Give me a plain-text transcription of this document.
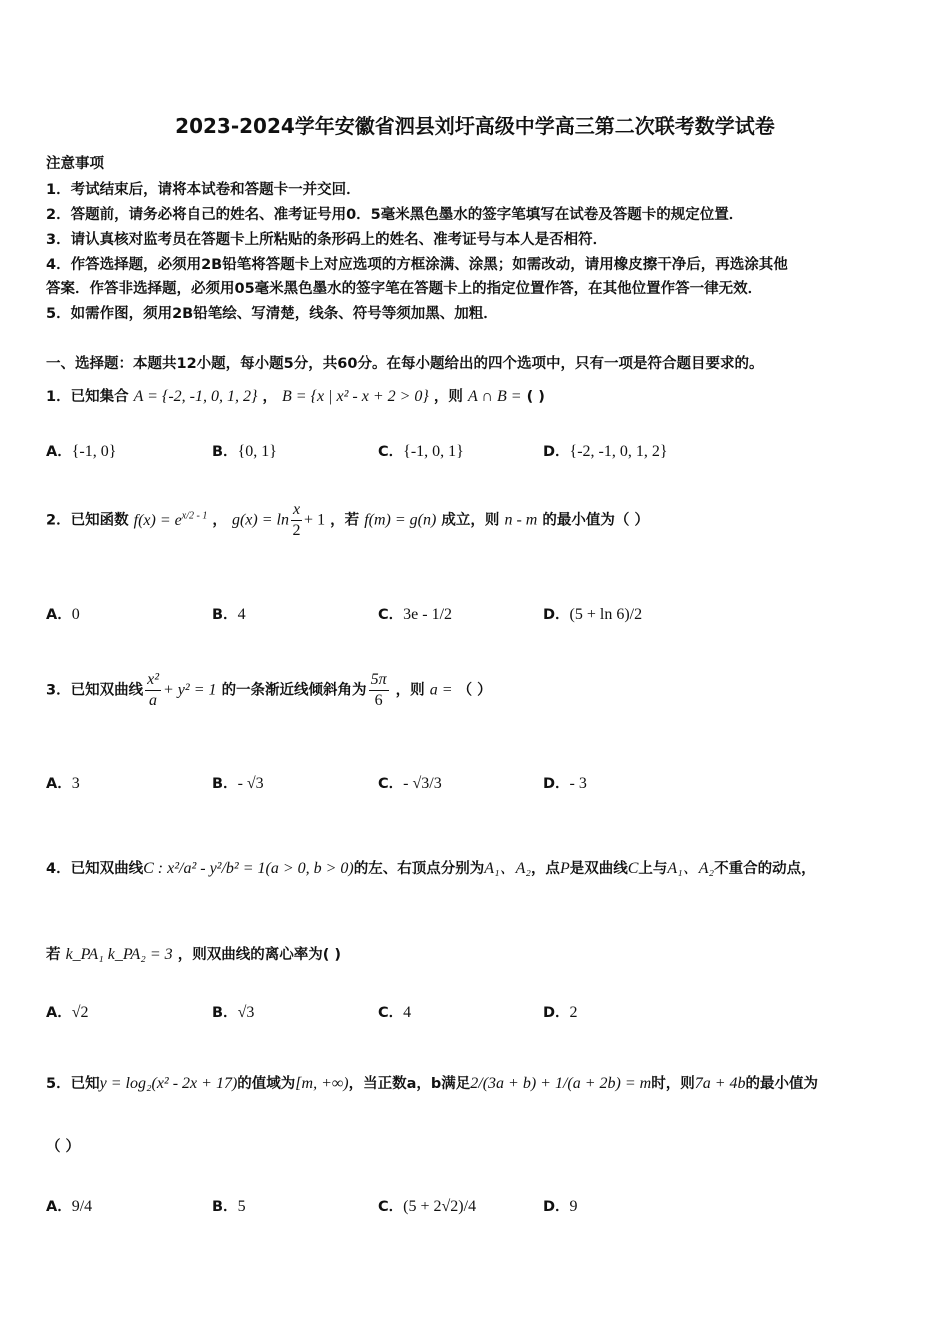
2023-2024学年安徽省泗县刘圩高级中学高三第二次联考数学试卷
注意事项
1．考试结束后，请将本试卷和答题卡一并交回．
2．答题前，请务必将自己的姓名、准考证号用0．5毫米黑色墨水的签字笔填写在试卷及答题卡的规定位置．
3．请认真核对监考员在答题卡上所粘贴的条形码上的姓名、准考证号与本人是否相符．
4．作答选择题，必须用2B铅笔将答题卡上对应选项的方框涂满、涂黑；如需改动，请用橡皮擦干净后，再选涂其他
答案．作答非选择题，必须用05毫米黑色墨水的签字笔在答题卡上的指定位置作答，在其他位置作答一律无效．
5．如需作图，须用2B铅笔绘、写清楚，线条、符号等须加黑、加粗．
一、选择题：本题共12小题，每小题5分，共60分。在每小题给出的四个选项中，只有一项是符合题目要求的。
1．已知集合 A = {-2, -1, 0, 1, 2} ， B = {x | x² - x + 2 > 0} ，则 A ∩ B = ( )
A．{-1, 0}	B．{0, 1}	C．{-1, 0, 1}	D．{-2, -1, 0, 1, 2}
2．已知函数 $f(x) = e^{x/2 - 1}$ ， $g(x) = \ln \frac{x}{2} + 1$ ，若 f(m) = g(n) 成立，则 n - m 的最小值为（ ）
A．0	B．4	C．3e - 1/2	D．(5 + ln 6)/2
3．已知双曲线 $\frac{\text{x²}}{a} + y^2 = 1$ 的一条渐近线倾斜角为 $\frac{5\pi}{6}$ ，则 a = （ ）
A．3	B．- √3	C．- √3/3	D．- 3
4．已知双曲线C : x²/a² - y²/b² = 1(a > 0, b > 0)的左、右顶点分别为A₁、A₂，点P是双曲线C上与A₁、A₂不重合的动点，
若 k_PA₁ k_PA₂ = 3 ，则双曲线的离心率为( )
A．√2	B．√3	C．4	D．2
5．已知y = log₂(x² - 2x + 17)的值域为[m, +∞)，当正数a，b满足2/(3a + b) + 1/(a + 2b) = m时，则7a + 4b的最小值为
（ ）
A．9/4	B．5	C．(5 + 2√2)/4	D．9
